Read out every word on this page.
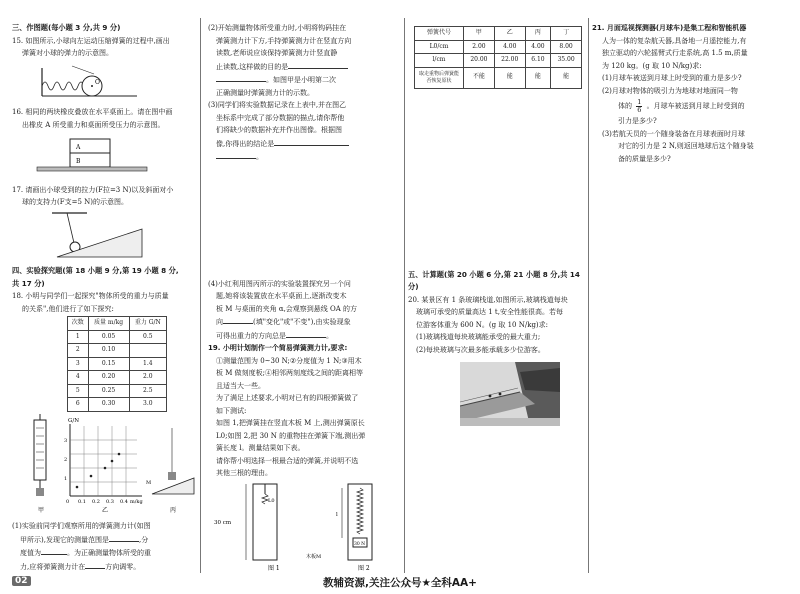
三、作图题(每小题 3 分,共 9 分)

15. 如图所示,小球向左运动压缩弹簧的过程中,画出

弹簧对小球的弹力的示意图。

O

16. 相同的两块橡皮叠放在水平桌面上。请在图中画

出橡皮 A 所受重力和桌面所受压力的示意图。

A
B

17. 请画出小球受到的拉力(F拉=3 N)以及斜面对小

球的支持力(F支=5 N)的示意图。

四、实验探究题(第 18 小题 9 分,第 19 小题 8 分,

共 17 分)

18. 小明与同学们一起探究"物体所受的重力与质量

的关系",他们进行了如下探究:

次数	质量 m/kg	重力 G/N
1	0.05	0.5
2	0.10	
3	0.15	1.4
4	0.20	2.0
5	0.25	2.5
6	0.30	3.0
G/N
3
2
1
0 0.1 0.2 0.3 0.4 m/kg
M
甲	乙	丙

(1)实验前同学们观察所用的弹簧测力计(如图

甲所示),发现它的测量范围是	,分

度值为	。为正确测量物体所受的重

力,应将弹簧测力计在	方向调零。

(2)开始测量物体所受重力时,小明将钩码挂在

弹簧测力计下方,手持弹簧测力计在竖直方向

读数,老师说应该保持弹簧测力计竖直静

止读数,这样做的目的是

。如图甲是小明第二次

正确测量时弹簧测力计的示数。

(3)同学们将实验数据记录在上表中,并在图乙

坐标系中完成了部分数据的描点,请你帮他

们将缺少的数据补充并作出图像。根据图

像,你得出的结论是

。

(4)小红利用图丙所示的实验装置探究另一个问

题,她将该装置放在水平桌面上,逐渐改变木

板 M 与桌面的夹角 α,会观察到悬线 OA 的方

向	(填"变化"或"不变"),由实验现象

可得出重力的方向总是	。

19. 小明计划制作一个简易弹簧测力计,要求:

①测量范围为 0~30 N;②分度值为 1 N;③用木

板 M 做刻度板;④相邻两刻度线之间的距离相等

且适当大一些。

为了满足上述要求,小明对已有的四根弹簧做了

如下测试:

如图 1,把弹簧挂在竖直木板 M 上,测出弹簧原长

L0;如图 2,把 30 N 的重物挂在弹簧下端,测出弹

簧长度 l。测量结果如下表。

请你帮小明选择一根最合适的弹簧,并说明不选

其他三根的理由。

30 cm
L0
图 1
木板M
l
30 N
图 2
弹簧代号	甲	乙	丙	丁
L0/cm	2.00	4.00	4.00	8.00
l/cm	20.00	22.00	6.10	35.00
取走重物后弹簧能否恢复原状	不能	能	能	能

五、计算题(第 20 小题 6 分,第 21 小题 8 分,共 14 分)

20. 某景区有 1 条玻璃栈道,如图所示,玻璃栈道每块

玻璃可承受的质量高达 1 t,安全性能很高。若每

位游客体重为 600 N。(g 取 10 N/kg)求:

(1)玻璃栈道每块玻璃能承受的最大重力;

(2)每块玻璃与次最多能承载多少位游客。

21. 月面巡视探测器(月球车)是集工程和智能机器

人为一体的复杂航天器,具备地一月遥控能力,有

独立驱动的六轮摇臂式行走系统,高 1.5 m,质量

为 120 kg。(g 取 10 N/kg)求:

(1)月球车被送到月球上时受到的重力是多少?

(2)月球对物体的吸引力为地球对地面同一物

体的 $\frac{1}{6}$ 。月球车被送到月球上时受到的

引力是多少?

(3)若航天员的一个随身装备在月球表面时月球

对它的引力是 2 N,则返回地球后这个随身装

备的质量是多少?

02	教辅资源,关注公众号★全科AA+
